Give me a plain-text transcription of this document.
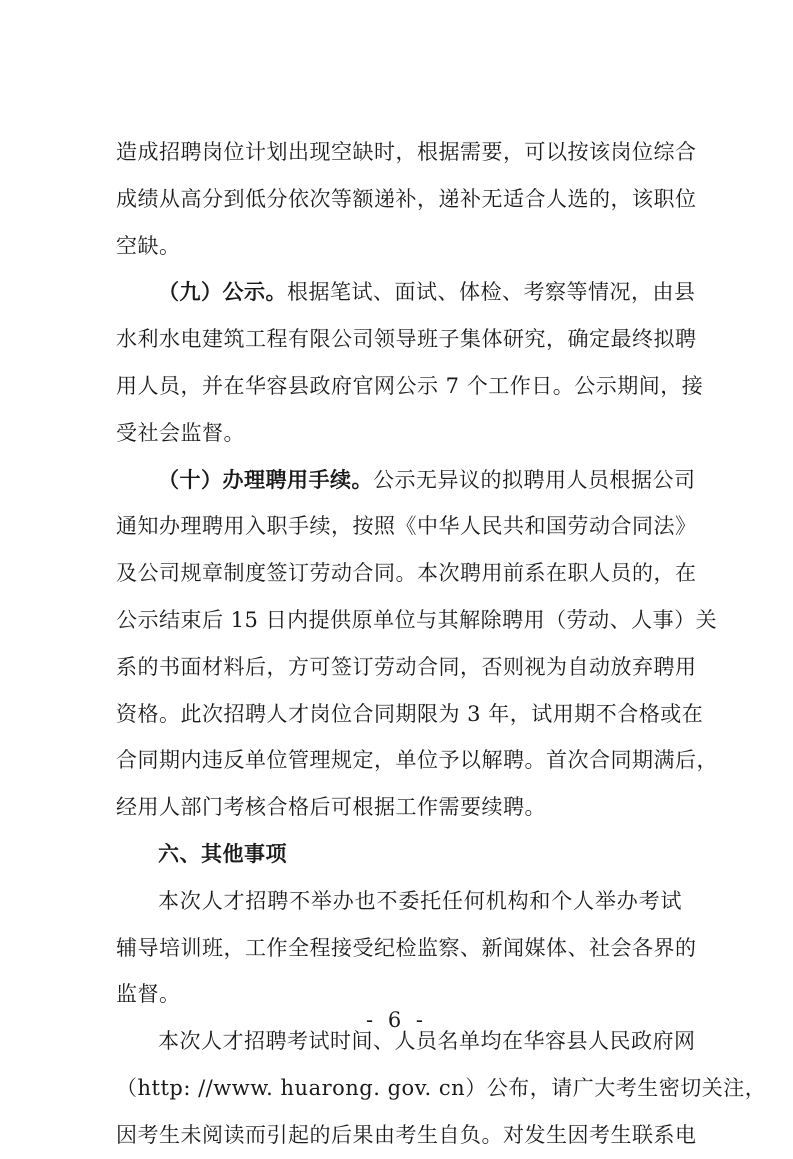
造成招聘岗位计划出现空缺时，根据需要，可以按该岗位综合
成绩从高分到低分依次等额递补，递补无适合人选的，该职位
空缺。
（九）公示。根据笔试、面试、体检、考察等情况，由县
水利水电建筑工程有限公司领导班子集体研究，确定最终拟聘
用人员，并在华容县政府官网公示 7 个工作日。公示期间，接
受社会监督。
（十）办理聘用手续。公示无异议的拟聘用人员根据公司
通知办理聘用入职手续，按照《中华人民共和国劳动合同法》
及公司规章制度签订劳动合同。本次聘用前系在职人员的，在
公示结束后 15 日内提供原单位与其解除聘用（劳动、人事）关
系的书面材料后，方可签订劳动合同，否则视为自动放弃聘用
资格。此次招聘人才岗位合同期限为 3 年，试用期不合格或在
合同期内违反单位管理规定，单位予以解聘。首次合同期满后，
经用人部门考核合格后可根据工作需要续聘。
六、其他事项
本次人才招聘不举办也不委托任何机构和个人举办考试
辅导培训班，工作全程接受纪检监察、新闻媒体、社会各界的
监督。
本次人才招聘考试时间、人员名单均在华容县人民政府网
（http: //www. huarong. gov. cn）公布，请广大考生密切关注，
因考生未阅读而引起的后果由考生自负。对发生因考生联系电
- 6 -
